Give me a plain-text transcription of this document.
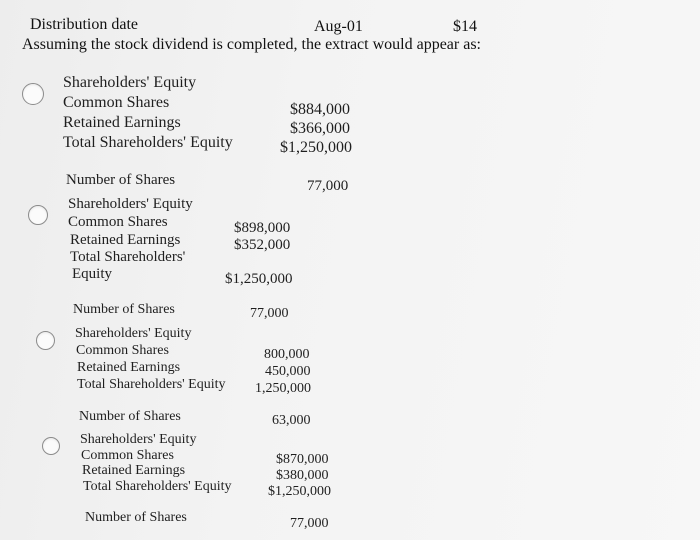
Distribution date	Aug-01	$14
Assuming the stock dividend is completed, the extract would appear as:
Shareholders' Equity
Common Shares	$884,000
Retained Earnings	$366,000
Total Shareholders' Equity	$1,250,000
Number of Shares	77,000
Shareholders' Equity
Common Shares	$898,000
Retained Earnings	$352,000
Total Shareholders'
Equity	$1,250,000
Number of Shares	77,000
Shareholders' Equity
Common Shares	800,000
Retained Earnings	450,000
Total Shareholders' Equity 1,250,000
Number of Shares	63,000
Shareholders' Equity
Common Shares	$870,000
Retained Earnings	$380,000
Total Shareholders' Equity	$1,250,000
Number of Shares	77,000
